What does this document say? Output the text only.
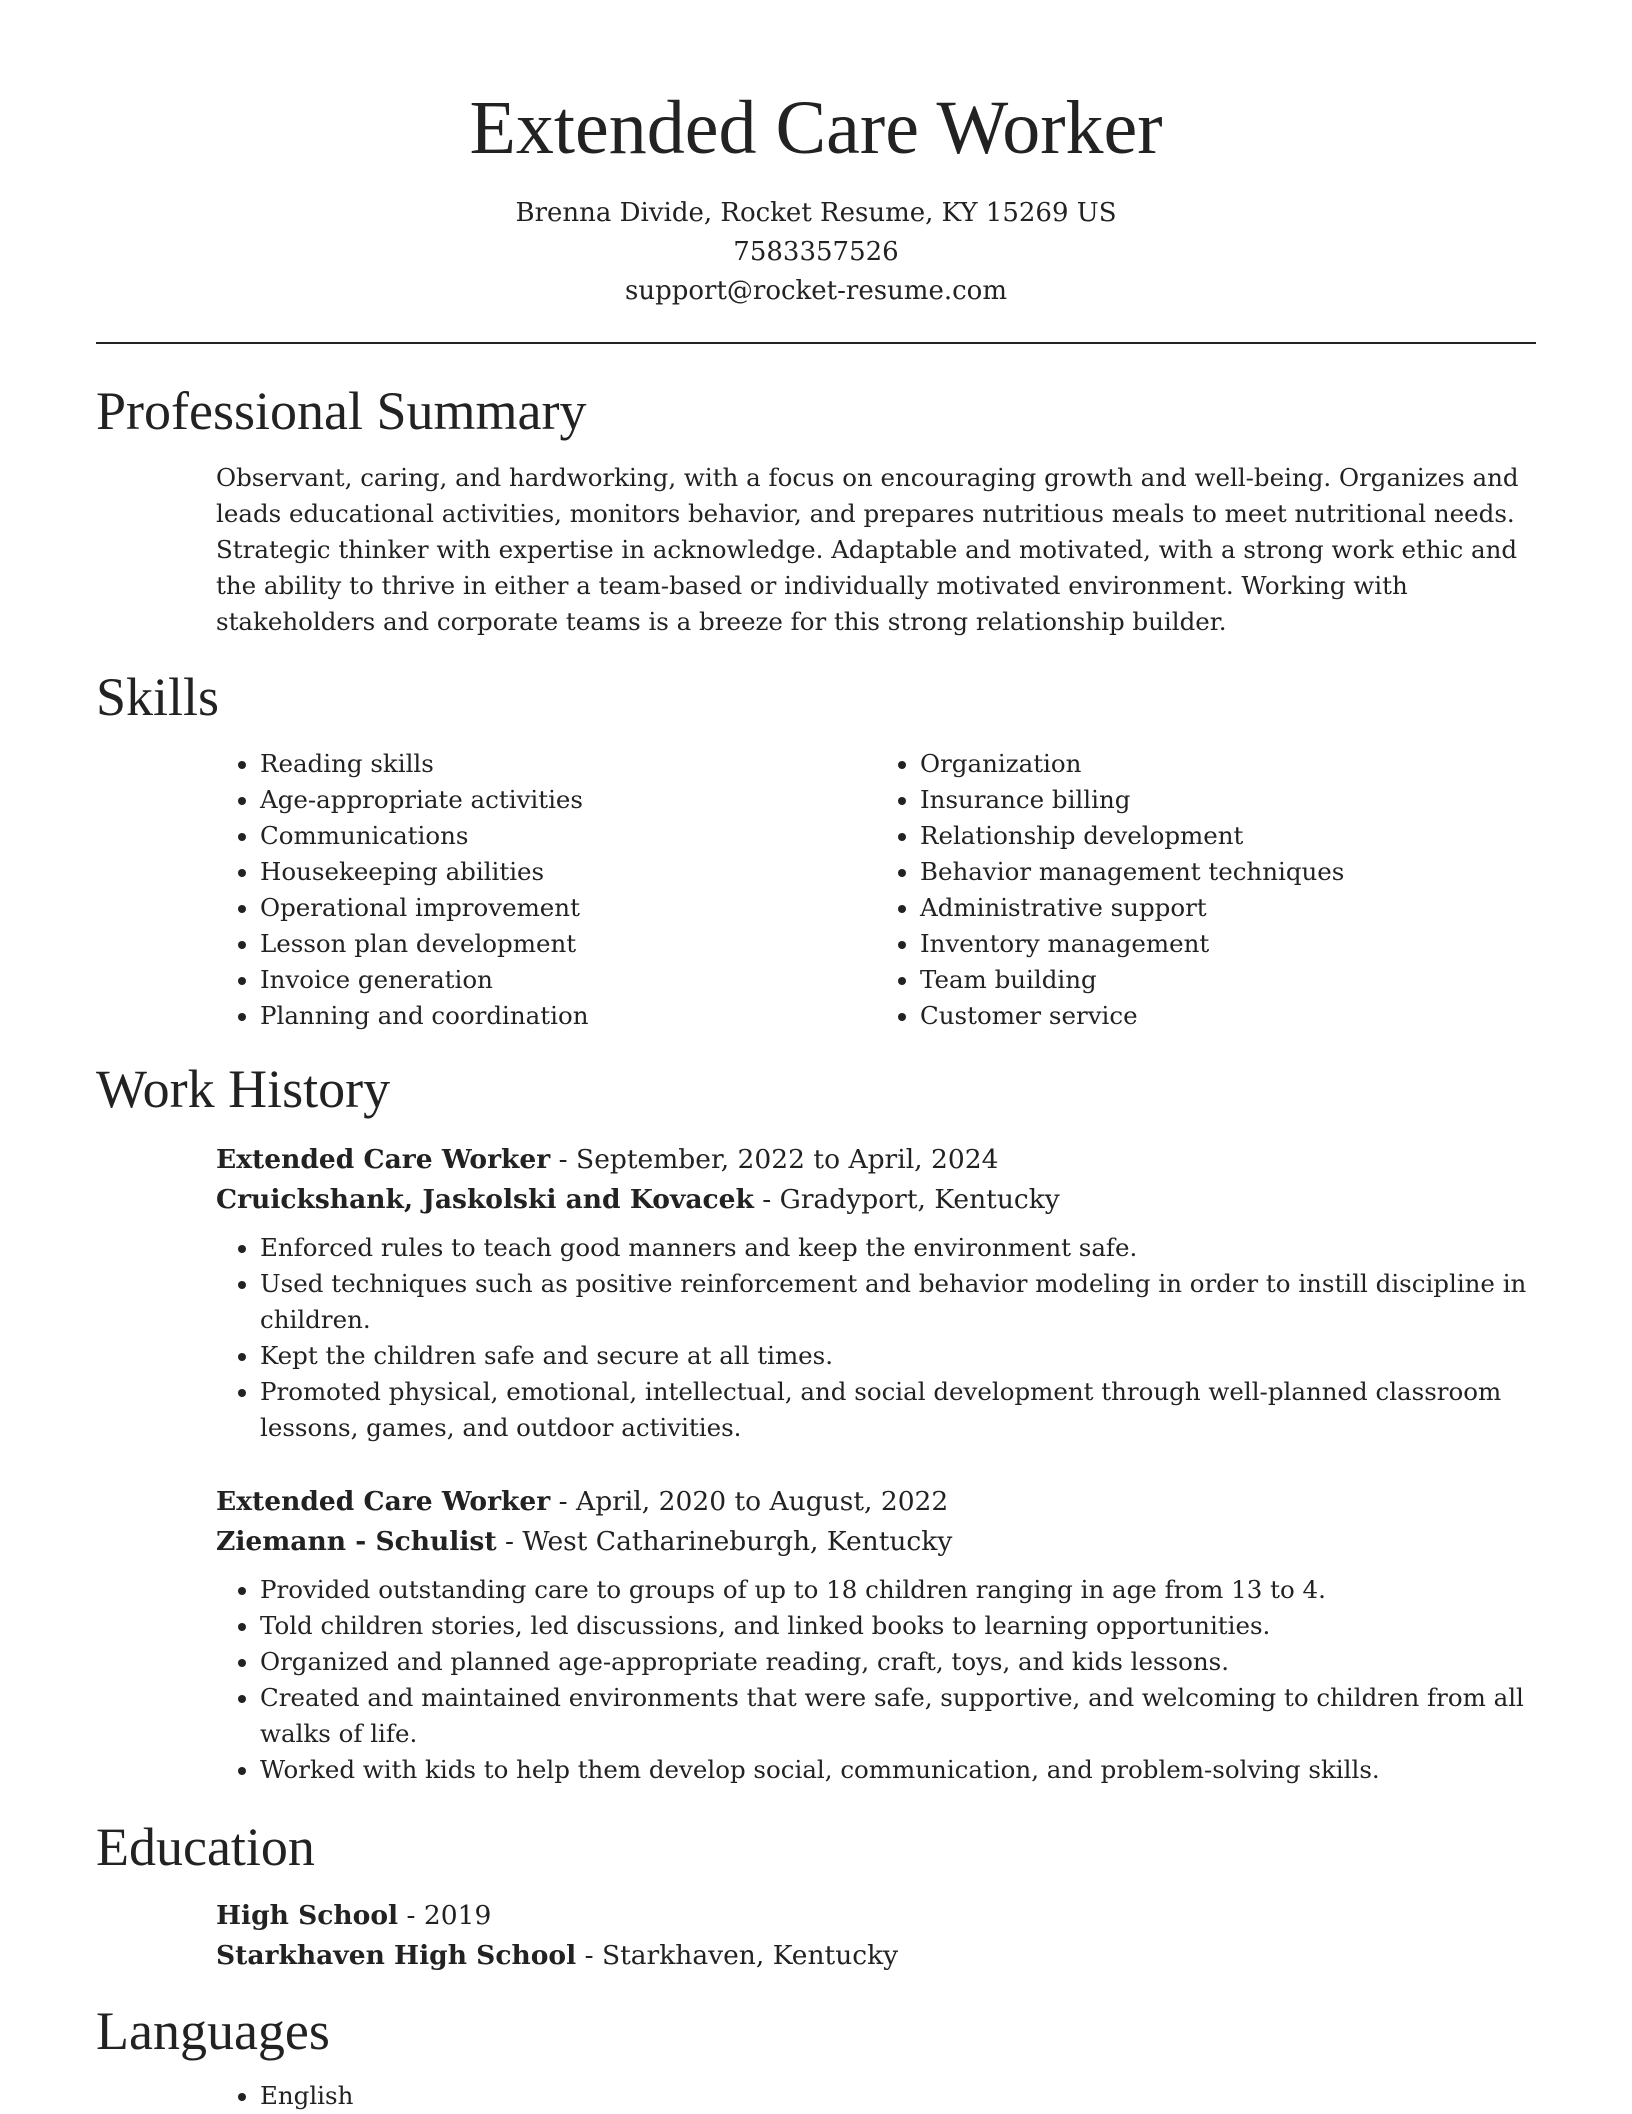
Extended Care Worker
Brenna Divide, Rocket Resume, KY 15269 US
7583357526
support@rocket-resume.com
Professional Summary

Observant, caring, and hardworking, with a focus on encouraging growth and well-being. Organizes and leads educational activities, monitors behavior, and prepares nutritious meals to meet nutritional needs. Strategic thinker with expertise in acknowledge. Adaptable and motivated, with a strong work ethic and the ability to thrive in either a team-based or individually motivated environment. Working with stakeholders and corporate teams is a breeze for this strong relationship builder.

Skills
• Reading skills
• Age-appropriate activities
• Communications
• Housekeeping abilities
• Operational improvement
• Lesson plan development
• Invoice generation
• Planning and coordination
• Organization
• Insurance billing
• Relationship development
• Behavior management techniques
• Administrative support
• Inventory management
• Team building
• Customer service
Work History
Extended Care Worker - September, 2022 to April, 2024
Cruickshank, Jaskolski and Kovacek - Gradyport, Kentucky
• Enforced rules to teach good manners and keep the environment safe.
• Used techniques such as positive reinforcement and behavior modeling in order to instill discipline in children.
• Kept the children safe and secure at all times.
• Promoted physical, emotional, intellectual, and social development through well-planned classroom lessons, games, and outdoor activities.
Extended Care Worker - April, 2020 to August, 2022
Ziemann - Schulist - West Catharineburgh, Kentucky
• Provided outstanding care to groups of up to 18 children ranging in age from 13 to 4.
• Told children stories, led discussions, and linked books to learning opportunities.
• Organized and planned age-appropriate reading, craft, toys, and kids lessons.
• Created and maintained environments that were safe, supportive, and welcoming to children from all walks of life.
• Worked with kids to help them develop social, communication, and problem-solving skills.
Education
High School - 2019
Starkhaven High School - Starkhaven, Kentucky
Languages
• English
